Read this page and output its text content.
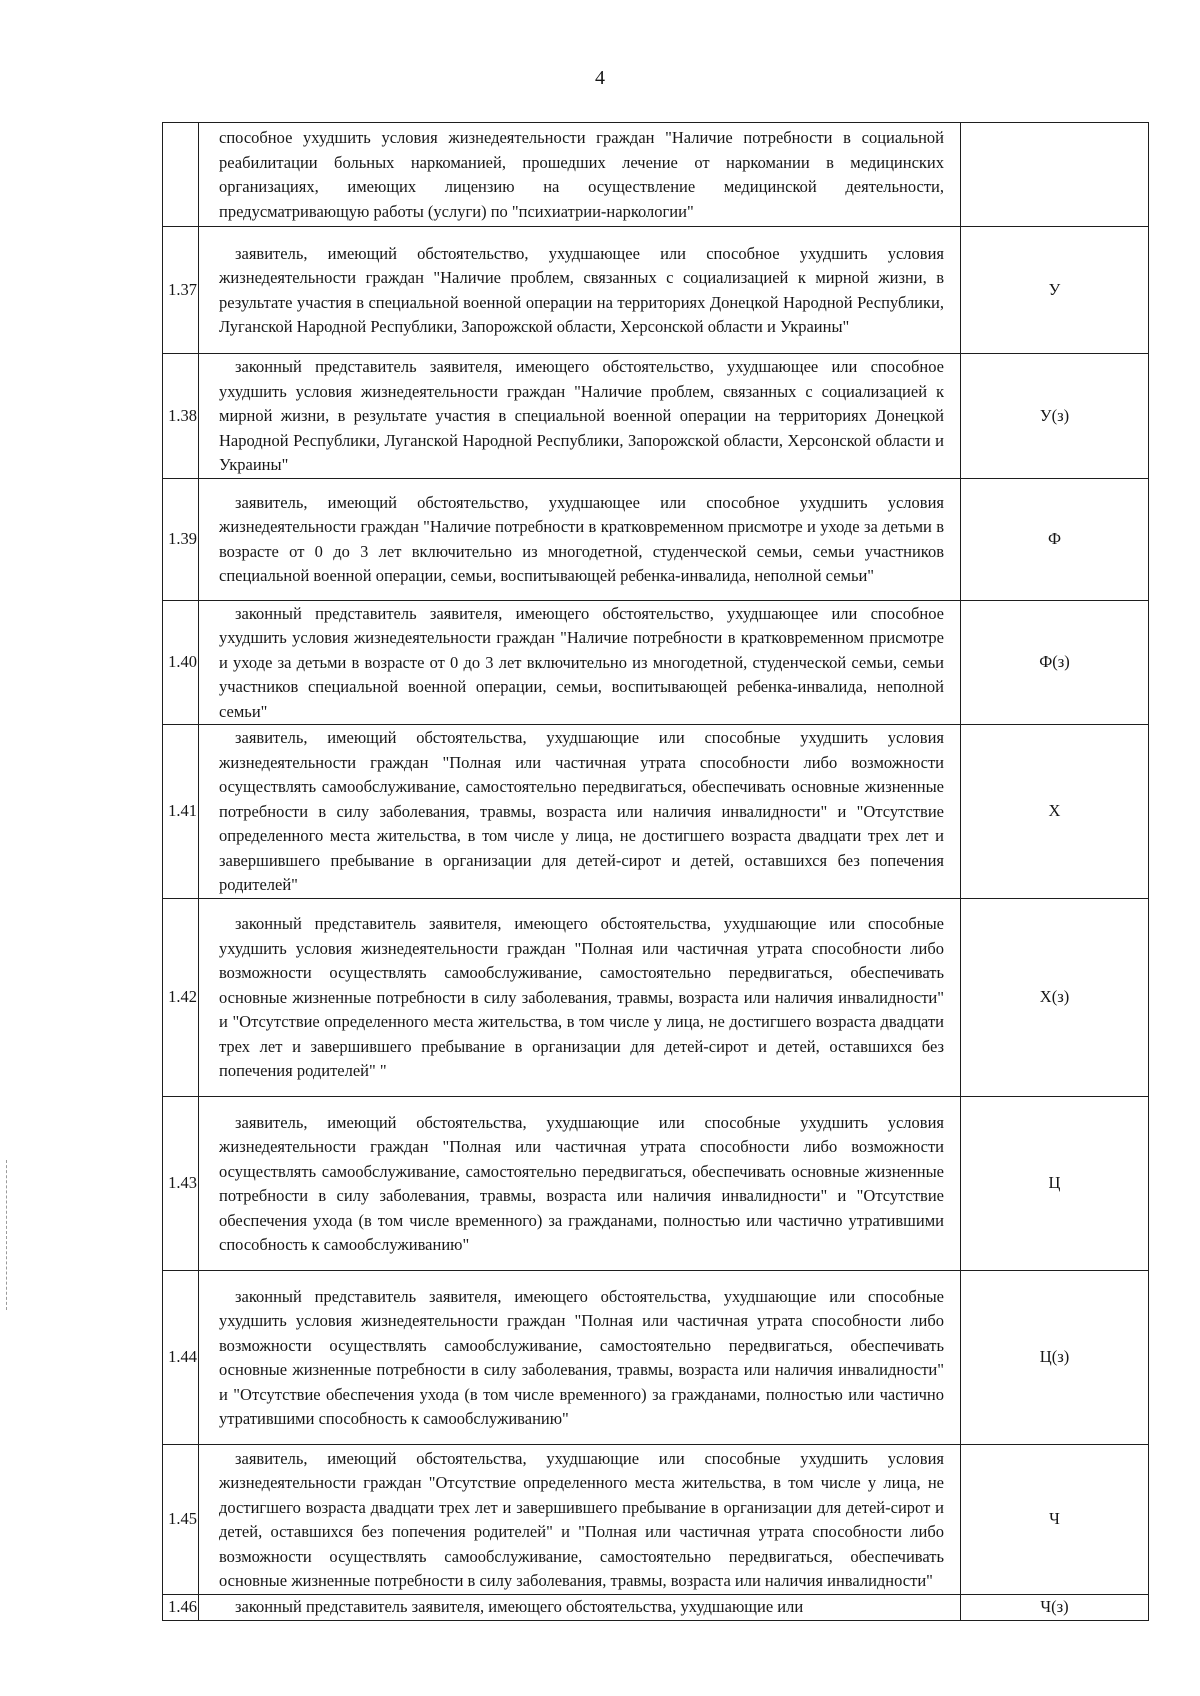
4
	способное ухудшить условия жизнедеятельности граждан "Наличие потребности в социальной реабилитации больных наркоманией, прошедших лечение от наркомании в медицинских организациях, имеющих лицензию на осуществление медицинской деятельности, предусматривающую работы (услуги) по "психиатрии-наркологии"	
1.37	заявитель, имеющий обстоятельство, ухудшающее или способное ухудшить условия жизнедеятельности граждан "Наличие проблем, связанных с социализацией к мирной жизни, в результате участия в специальной военной операции на территориях Донецкой Народной Республики, Луганской Народной Республики, Запорожской области, Херсонской области и Украины"	У
1.38	законный представитель заявителя, имеющего обстоятельство, ухудшающее или способное ухудшить условия жизнедеятельности граждан "Наличие проблем, связанных с социализацией к мирной жизни, в результате участия в специальной военной операции на территориях Донецкой Народной Республики, Луганской Народной Республики, Запорожской области, Херсонской области и Украины"	У(з)
1.39	заявитель, имеющий обстоятельство, ухудшающее или способное ухудшить условия жизнедеятельности граждан "Наличие потребности в кратковременном присмотре и уходе за детьми в возрасте от 0 до 3 лет включительно из многодетной, студенческой семьи, семьи участников специальной военной операции, семьи, воспитывающей ребенка-инвалида, неполной семьи"	Ф
1.40	законный представитель заявителя, имеющего обстоятельство, ухудшающее или способное ухудшить условия жизнедеятельности граждан "Наличие потребности в кратковременном присмотре и уходе за детьми в возрасте от 0 до 3 лет включительно из многодетной, студенческой семьи, семьи участников специальной военной операции, семьи, воспитывающей ребенка-инвалида, неполной семьи"	Ф(з)
1.41	заявитель, имеющий обстоятельства, ухудшающие или способные ухудшить условия жизнедеятельности граждан "Полная или частичная утрата способности либо возможности осуществлять самообслуживание, самостоятельно передвигаться, обеспечивать основные жизненные потребности в силу заболевания, травмы, возраста или наличия инвалидности" и "Отсутствие определенного места жительства, в том числе у лица, не достигшего возраста двадцати трех лет и завершившего пребывание в организации для детей-сирот и детей, оставшихся без попечения родителей"	Х
1.42	законный представитель заявителя, имеющего обстоятельства, ухудшающие или способные ухудшить условия жизнедеятельности граждан "Полная или частичная утрата способности либо возможности осуществлять самообслуживание, самостоятельно передвигаться, обеспечивать основные жизненные потребности в силу заболевания, травмы, возраста или наличия инвалидности" и "Отсутствие определенного места жительства, в том числе у лица, не достигшего возраста двадцати трех лет и завершившего пребывание в организации для детей-сирот и детей, оставшихся без попечения родителей" "	Х(з)
1.43	заявитель, имеющий обстоятельства, ухудшающие или способные ухудшить условия жизнедеятельности граждан "Полная или частичная утрата способности либо возможности осуществлять самообслуживание, самостоятельно передвигаться, обеспечивать основные жизненные потребности в силу заболевания, травмы, возраста или наличия инвалидности" и "Отсутствие обеспечения ухода (в том числе временного) за гражданами, полностью или частично утратившими способность к самообслуживанию"	Ц
1.44	законный представитель заявителя, имеющего обстоятельства, ухудшающие или способные ухудшить условия жизнедеятельности граждан "Полная или частичная утрата способности либо возможности осуществлять самообслуживание, самостоятельно передвигаться, обеспечивать основные жизненные потребности в силу заболевания, травмы, возраста или наличия инвалидности" и "Отсутствие обеспечения ухода (в том числе временного) за гражданами, полностью или частично утратившими способность к самообслуживанию"	Ц(з)
1.45	заявитель, имеющий обстоятельства, ухудшающие или способные ухудшить условия жизнедеятельности граждан "Отсутствие определенного места жительства, в том числе у лица, не достигшего возраста двадцати трех лет и завершившего пребывание в организации для детей-сирот и детей, оставшихся без попечения родителей" и "Полная или частичная утрата способности либо возможности осуществлять самообслуживание, самостоятельно передвигаться, обеспечивать основные жизненные потребности в силу заболевания, травмы, возраста или наличия инвалидности"	Ч
1.46	законный представитель заявителя, имеющего обстоятельства, ухудшающие или	Ч(з)
